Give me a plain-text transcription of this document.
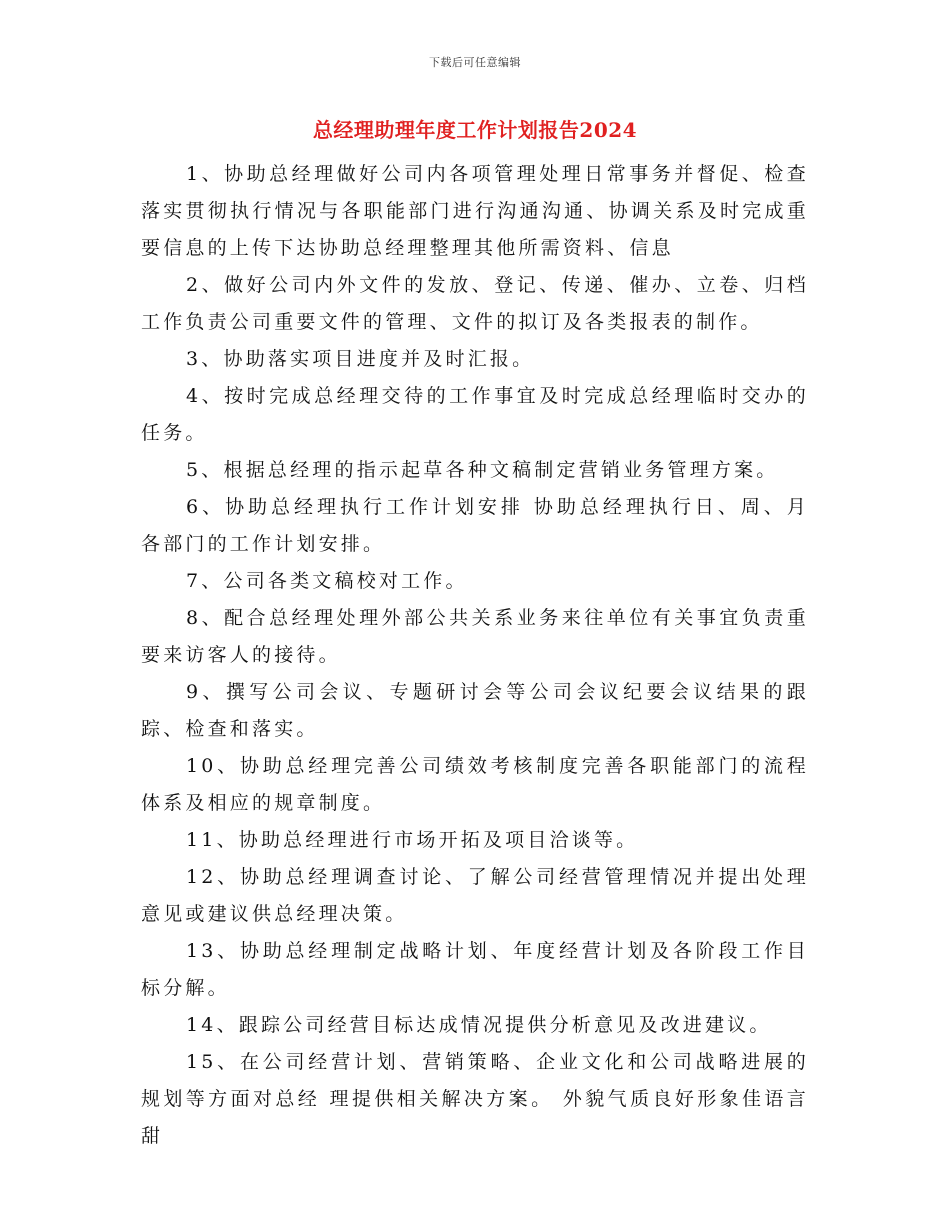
下载后可任意编辑
总经理助理年度工作计划报告2024

1、协助总经理做好公司内各项管理处理日常事务并督促、检查落实贯彻执行情况与各职能部门进行沟通沟通、协调关系及时完成重要信息的上传下达协助总经理整理其他所需资料、信息

2、做好公司内外文件的发放、登记、传递、催办、立卷、归档工作负责公司重要文件的管理、文件的拟订及各类报表的制作。

3、协助落实项目进度并及时汇报。

4、按时完成总经理交待的工作事宜及时完成总经理临时交办的任务。

5、根据总经理的指示起草各种文稿制定营销业务管理方案。

6、协助总经理执行工作计划安排 协助总经理执行日、周、月各部门的工作计划安排。

7、公司各类文稿校对工作。

8、配合总经理处理外部公共关系业务来往单位有关事宜负责重要来访客人的接待。

9、撰写公司会议、专题研讨会等公司会议纪要会议结果的跟踪、检查和落实。

10、协助总经理完善公司绩效考核制度完善各职能部门的流程体系及相应的规章制度。

11、协助总经理进行市场开拓及项目洽谈等。

12、协助总经理调查讨论、了解公司经营管理情况并提出处理意见或建议供总经理决策。

13、协助总经理制定战略计划、年度经营计划及各阶段工作目标分解。

14、跟踪公司经营目标达成情况提供分析意见及改进建议。

15、在公司经营计划、营销策略、企业文化和公司战略进展的规划等方面对总经 理提供相关解决方案。 外貌气质良好形象佳语言甜
